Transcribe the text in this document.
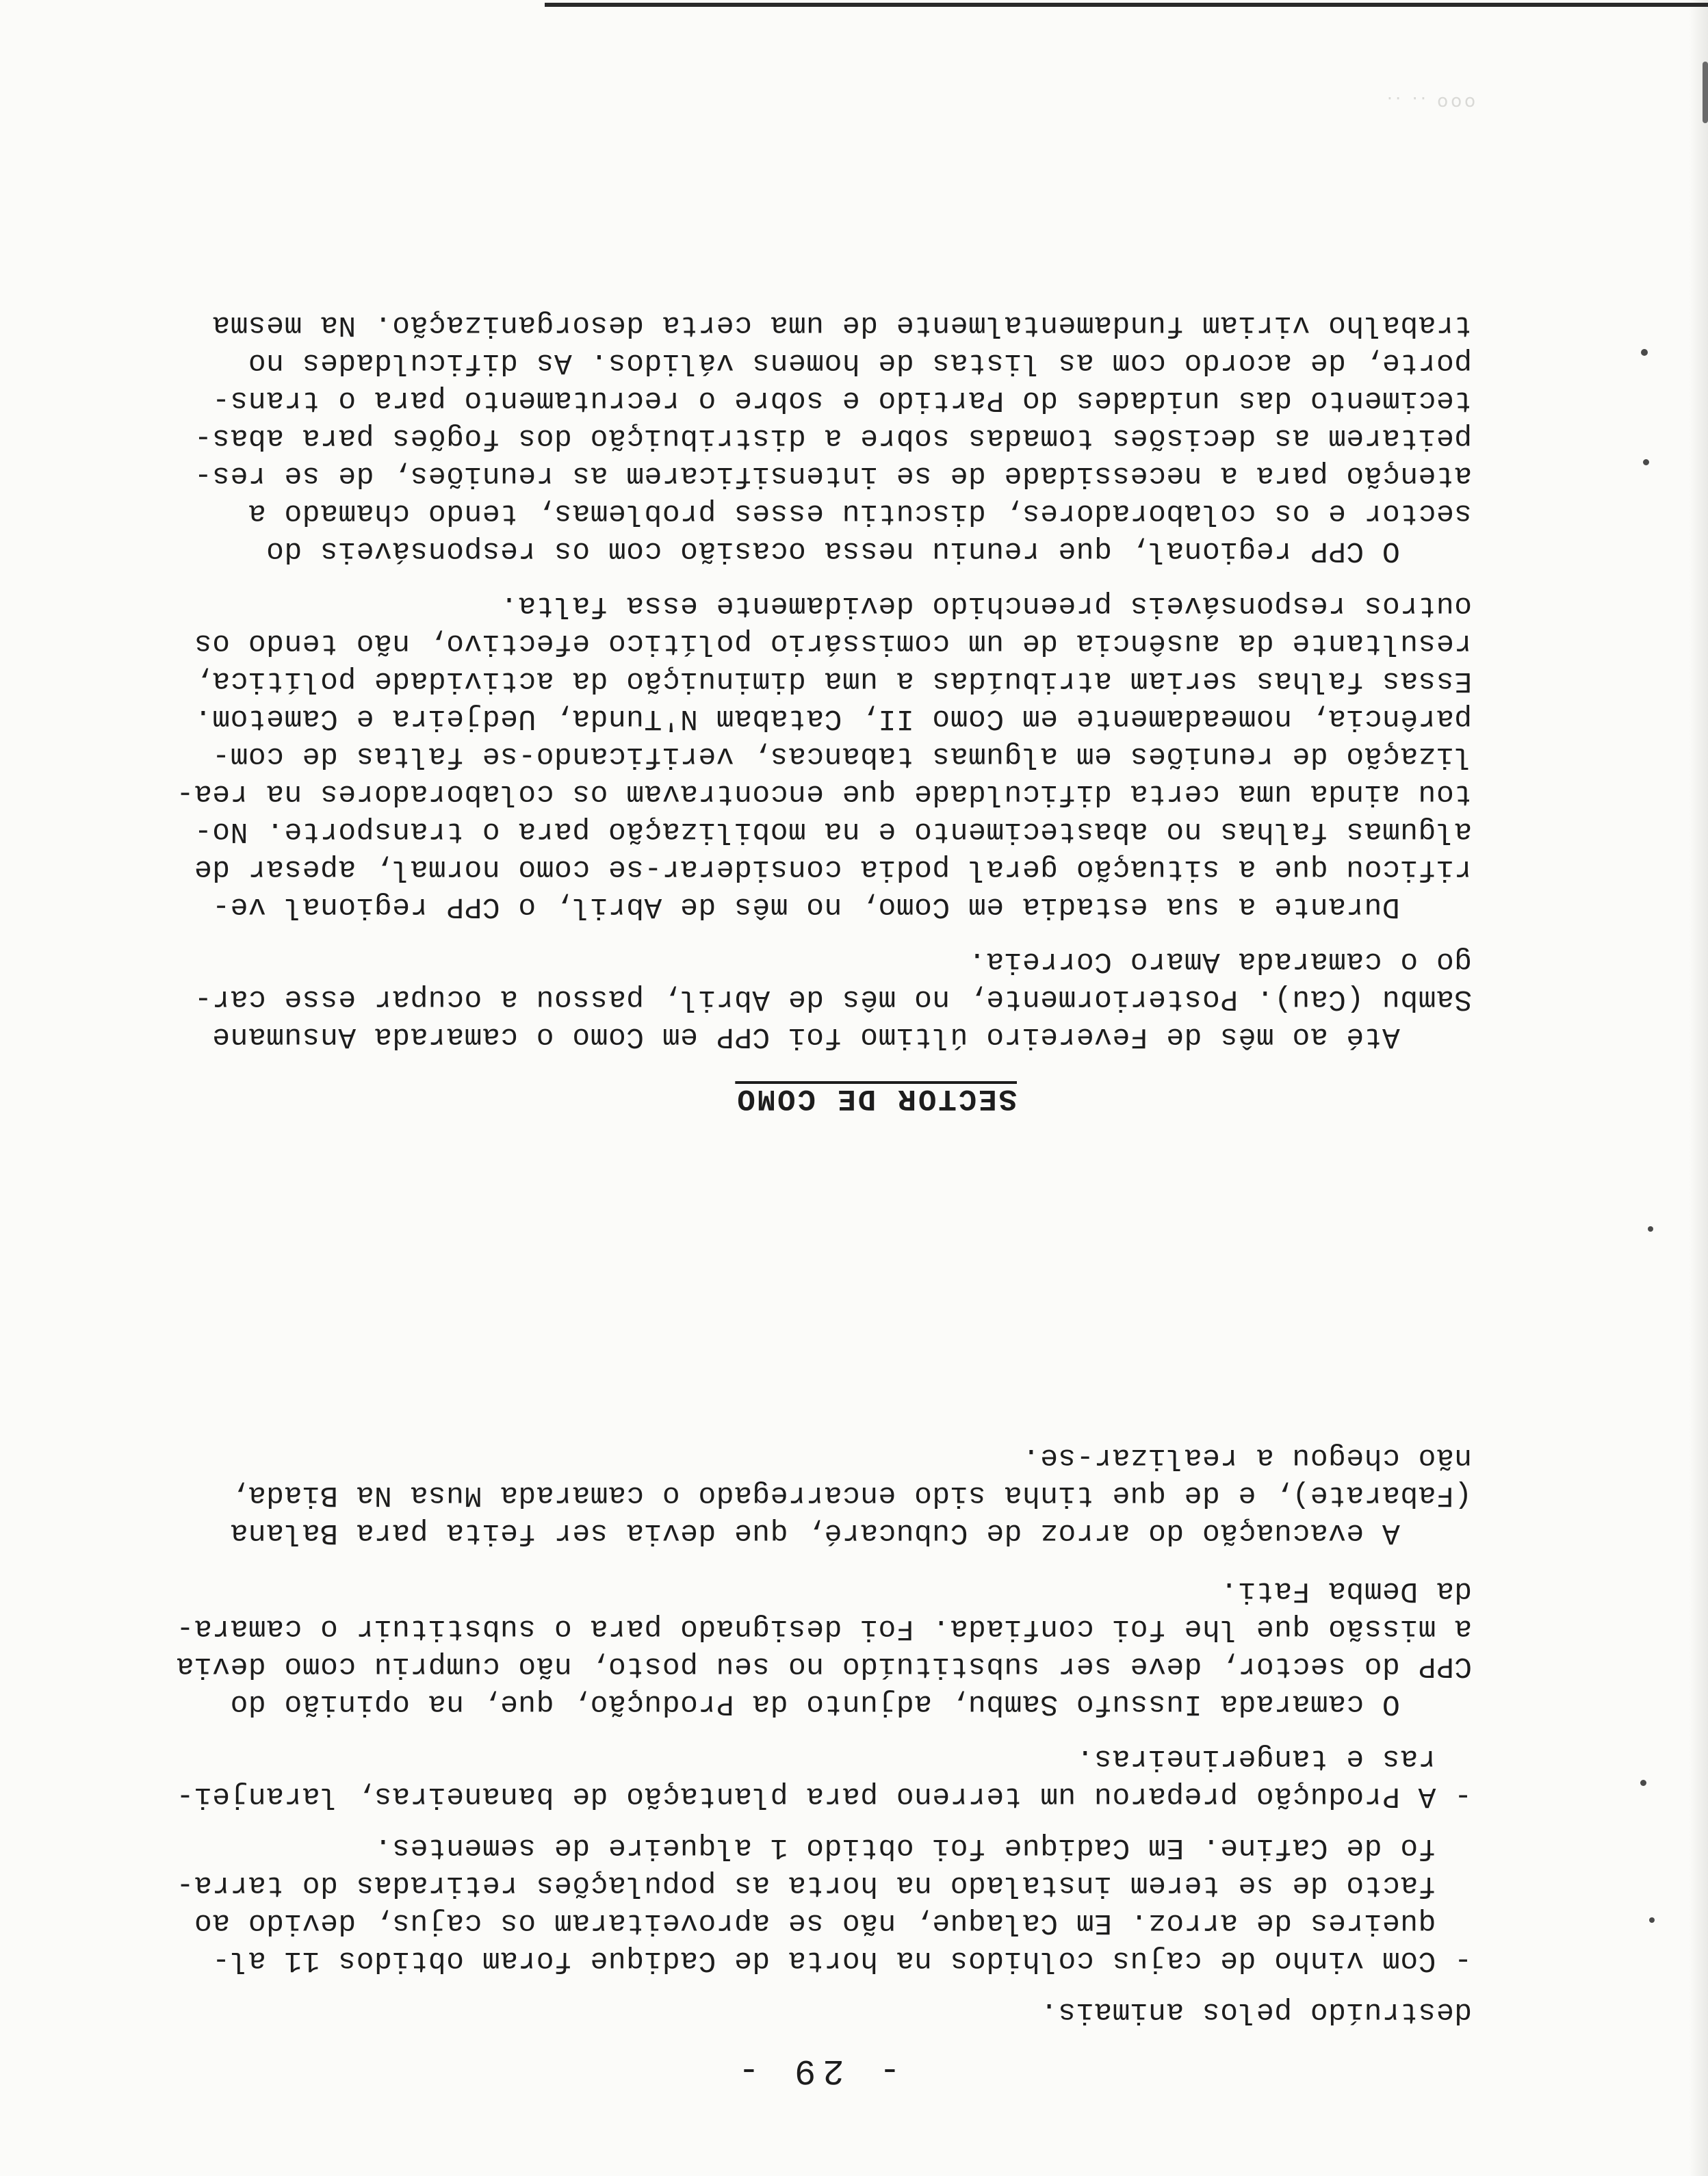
ooo .. ..
- 29 -
destruído pelos animais.
- Com vinho de cajus colhidos na horta de Cadique foram obtidos 11 al-
queires de arroz. Em Calaque, não se aproveitaram os cajus, devido ao
facto de se terem instalado na horta as populações retiradas do tarra-
fo de Cafine. Em Cadique foi obtido 1 alqueire de sementes.
- A Produção preparou um terreno para plantação de bananeiras, laranjei-
ras e tangerineiras.
O camarada Iussufo Sambu, adjunto da Produção, que, na opinião do
CPP do sector, deve ser substituído no seu posto, não cumpriu como devia
a missão que lhe foi confiada. Foi designado para o substituir o camara-
da Demba Fati.
A evacuação do arroz de Cubucaré, que devia ser feita para Balana
(Fabarate), e de que tinha sido encarregado o camarada Musa Na Biada,
não chegou a realizar-se.
SECTOR DE COMO
Até ao mês de Fevereiro último foi CPP em Como o camarada Ansumane
Sambu (Cau). Posteriormente, no mês de Abril, passou a ocupar esse car-
go o camarada Amaro Correia.
Durante a sua estadia em Como, no mês de Abril, o CPP regional ve-
rificou que a situação geral podia considerar-se como normal, apesar de
algumas falhas no abastecimento e na mobilização para o transporte. No-
tou ainda uma certa dificuldade que encontravam os colaboradores na rea-
lização de reuniões em algumas tabancas, verificando-se faltas de com-
parência, nomeadamente em Como II, Catabam N'Tunda, Uedjeira e Cametom.
Essas falhas seriam atribuídas a uma diminuição da actividade política,
resultante da ausência de um comissário político efectivo, não tendo os
outros responsáveis preenchido devidamente essa falta.
O CPP regional, que reuniu nessa ocasião com os responsáveis do
sector e os colaboradores, discutiu esses problemas, tendo chamado a
atenção para a necessidade de se intensificarem as reuniões, de se res-
peitarem as decisões tomadas sobre a distribuição dos fogões para abas-
tecimento das unidades do Partido e sobre o recrutamento para o trans-
porte, de acordo com as listas de homens válidos. As dificuldades no
trabalho viriam fundamentalmente de uma certa desorganização. Na mesma
